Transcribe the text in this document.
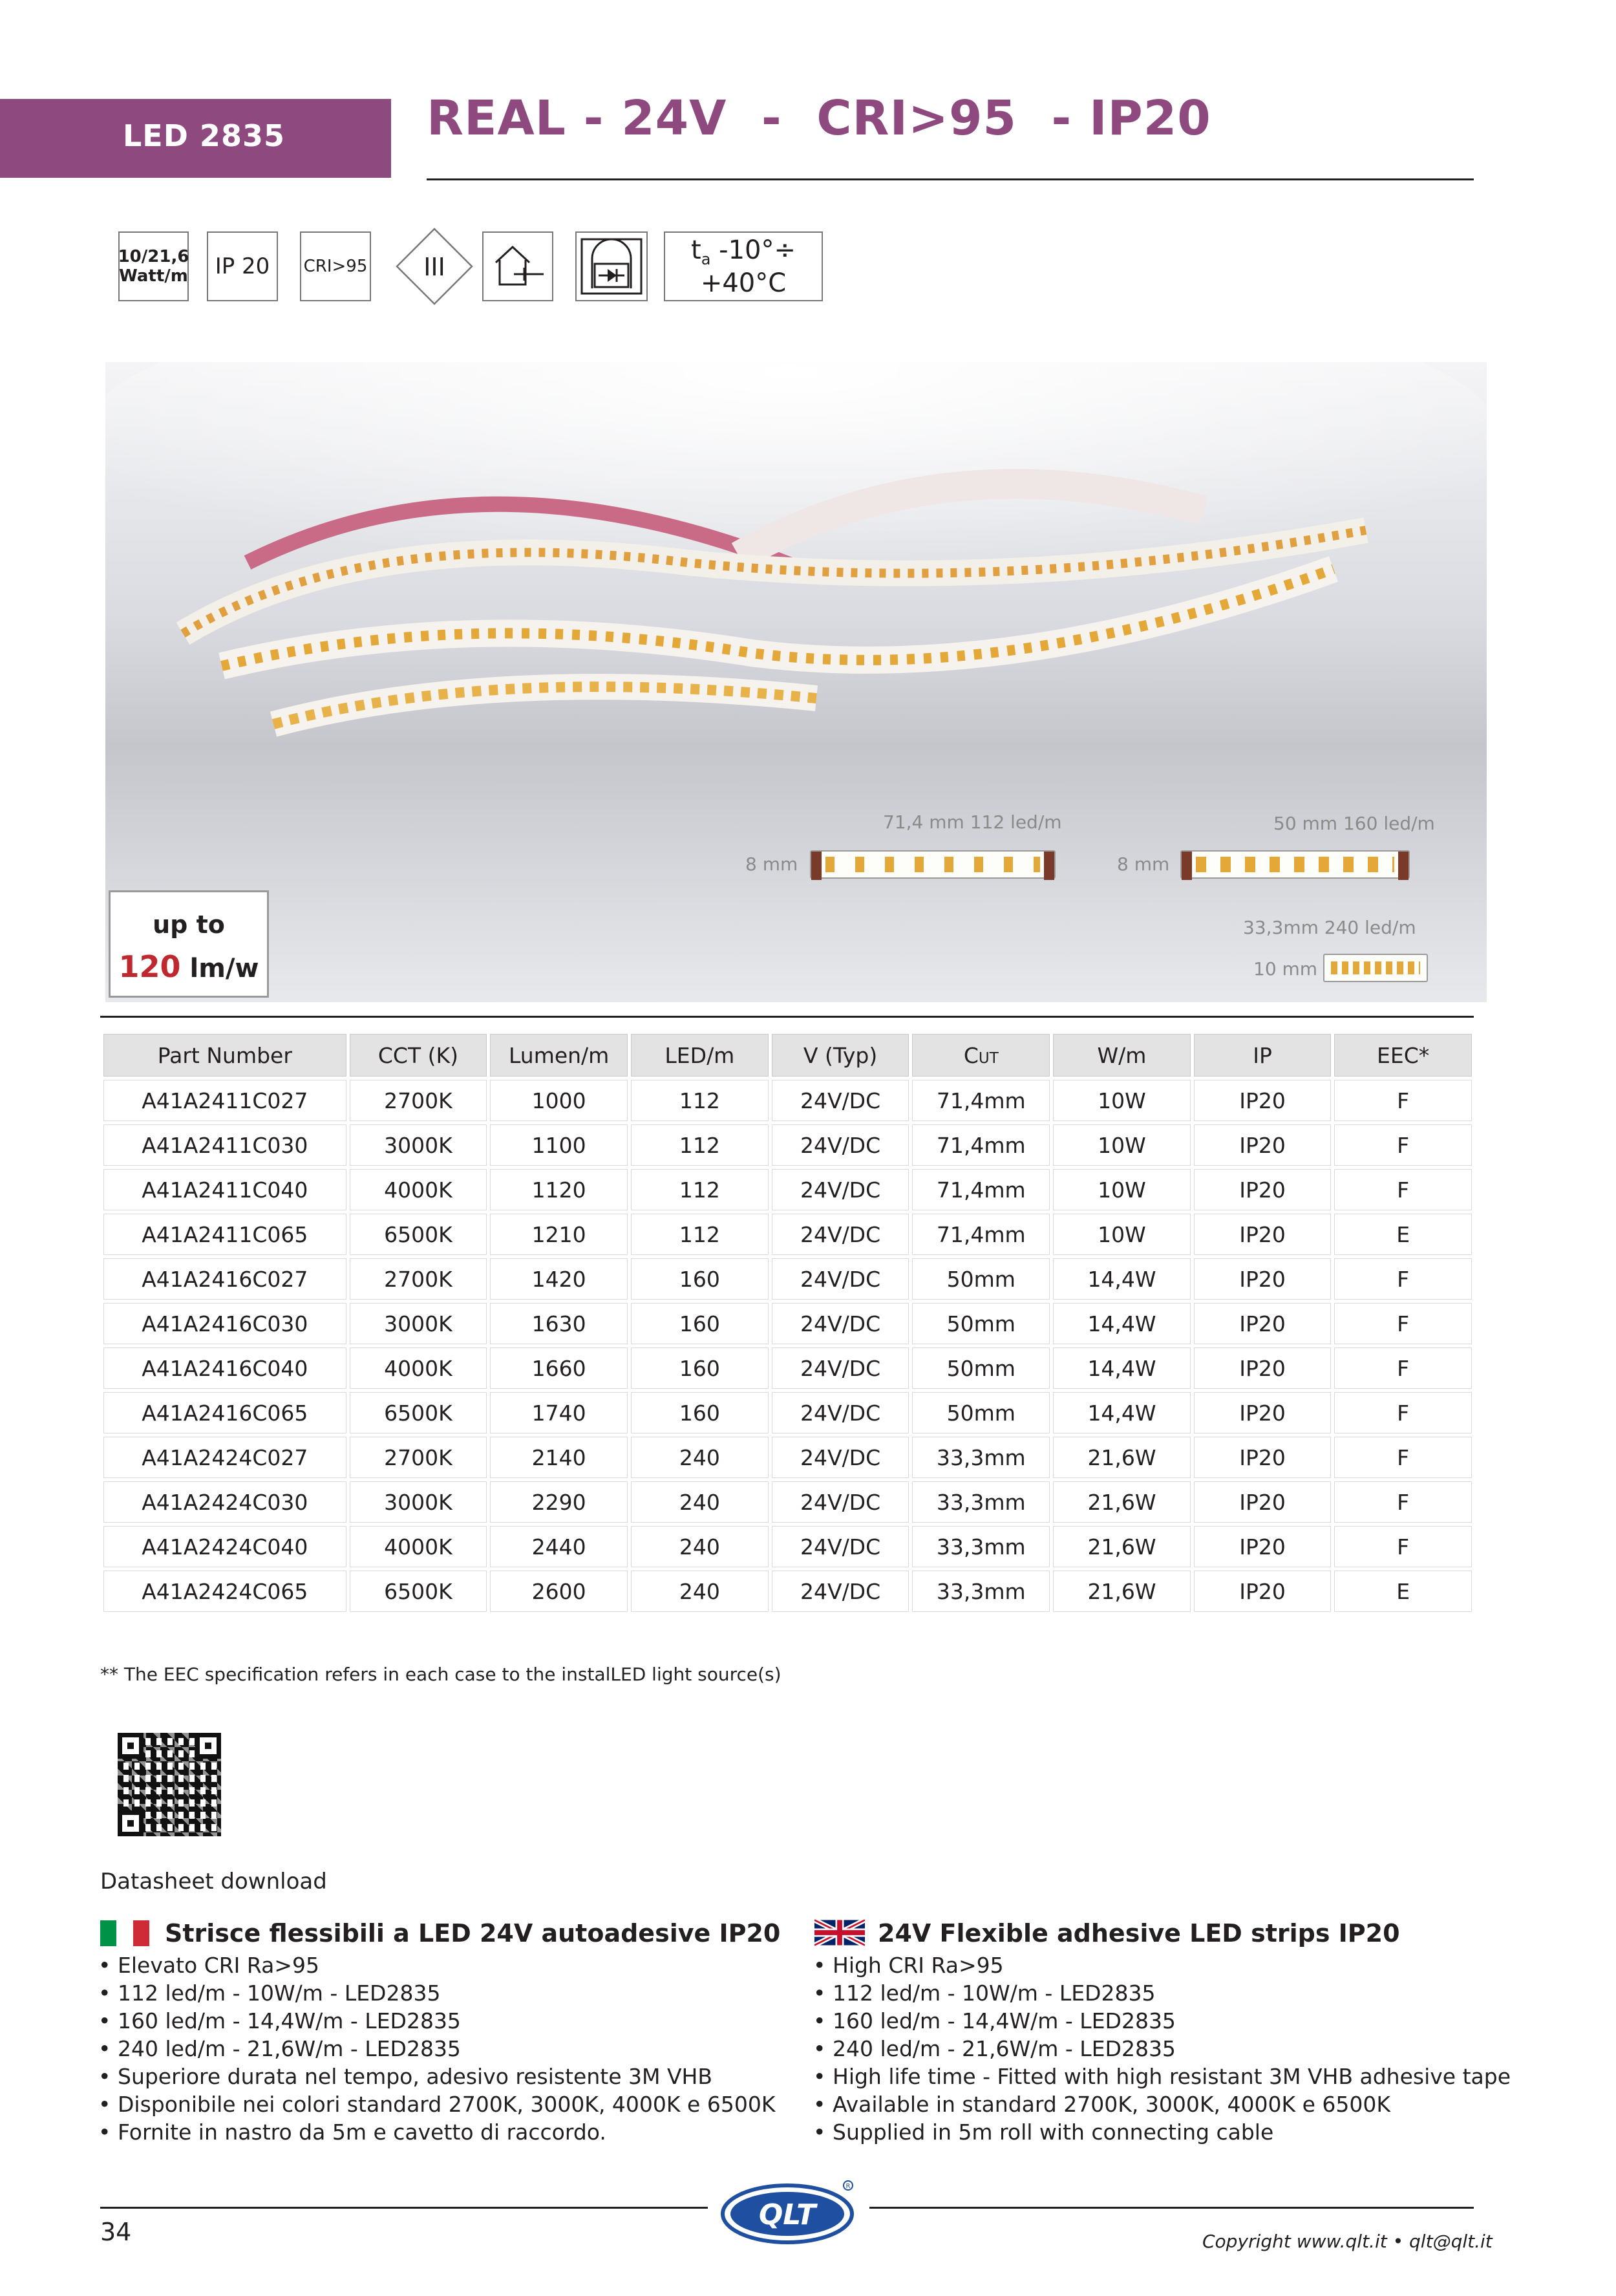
LED 2835	REAL - 24V  -  CRI>95  - IP20
10/21,6
Watt/m IP 20 CRI>95 III
$t_a$ -10°÷ +40°C
71,4 mm 112 led/m	50 mm 160 led/m
8 mm	8 mm
33,3mm 240 led/m
10 mm
up to
120 lm/w
Part Number	CCT (K)	Lumen/m	LED/m	V (Typ)	Cut	W/m	IP	EEC*
A41A2411C027	2700K	1000	112	24V/DC	71,4mm	10W	IP20	F
A41A2411C030	3000K	1100	112	24V/DC	71,4mm	10W	IP20	F
A41A2411C040	4000K	1120	112	24V/DC	71,4mm	10W	IP20	F
A41A2411C065	6500K	1210	112	24V/DC	71,4mm	10W	IP20	E
A41A2416C027	2700K	1420	160	24V/DC	50mm	14,4W	IP20	F
A41A2416C030	3000K	1630	160	24V/DC	50mm	14,4W	IP20	F
A41A2416C040	4000K	1660	160	24V/DC	50mm	14,4W	IP20	F
A41A2416C065	6500K	1740	160	24V/DC	50mm	14,4W	IP20	F
A41A2424C027	2700K	2140	240	24V/DC	33,3mm	21,6W	IP20	F
A41A2424C030	3000K	2290	240	24V/DC	33,3mm	21,6W	IP20	F
A41A2424C040	4000K	2440	240	24V/DC	33,3mm	21,6W	IP20	F
A41A2424C065	6500K	2600	240	24V/DC	33,3mm	21,6W	IP20	E
** The EEC specification refers in each case to the instalLED light source(s)
Datasheet download
Strisce flessibili a LED 24V autoadesive IP20
• Elevato CRI Ra>95
• 112 led/m - 10W/m - LED2835
• 160 led/m - 14,4W/m - LED2835
• 240 led/m - 21,6W/m - LED2835
• Superiore durata nel tempo, adesivo resistente 3M VHB
• Disponibile nei colori standard 2700K, 3000K, 4000K e 6500K
• Fornite in nastro da 5m e cavetto di raccordo.
24V Flexible adhesive LED strips IP20
• High CRI Ra>95
• 112 led/m - 10W/m - LED2835
• 160 led/m - 14,4W/m - LED2835
• 240 led/m - 21,6W/m - LED2835
• High life time - Fitted with high resistant 3M VHB adhesive tape
• Available in standard 2700K, 3000K, 4000K e 6500K
• Supplied in 5m roll with connecting cable
QLT
R
34	Copyright www.qlt.it • qlt@qlt.it
